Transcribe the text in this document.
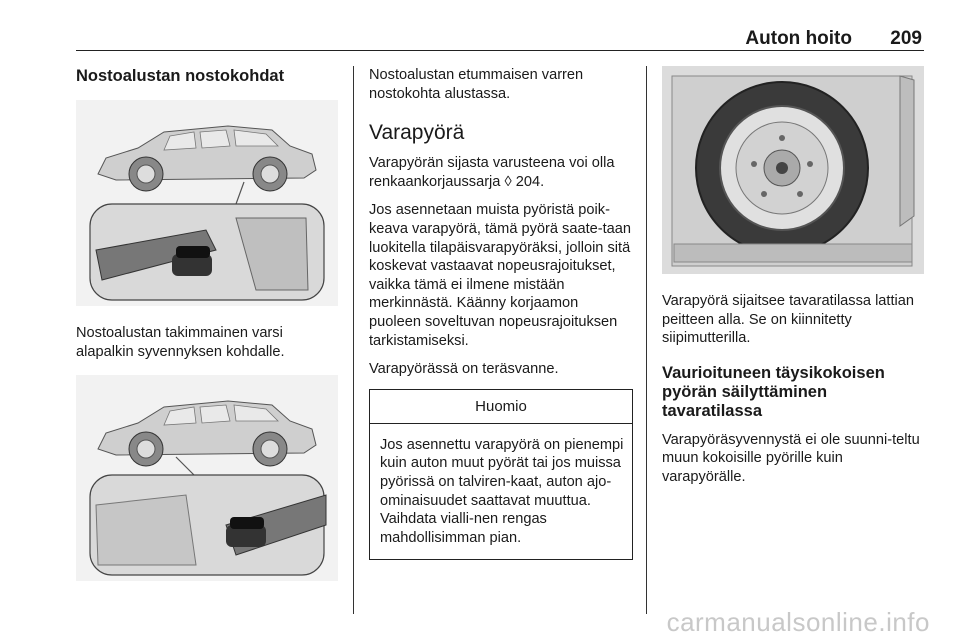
Auton hoito 209
Nostoalustan nostokohdat

Nostoalustan takimmainen varsi alapalkin syvennyksen kohdalle.

Nostoalustan etummaisen varren nostokohta alustassa.

Varapyörä

Varapyörän sijasta varusteena voi olla renkaankorjaussarja ◊ 204.

Jos asennetaan muista pyöristä poik-keava varapyörä, tämä pyörä saate-taan luokitella tilapäisvarapyöräksi, jolloin sitä koskevat vastaavat nopeusrajoitukset, vaikka tämä ei ilmene mistään merkinnästä. Käänny korjaamon puoleen soveltuvan nopeusrajoituksen tarkistamiseksi.

Varapyörässä on teräsvanne.

Huomio

Jos asennettu varapyörä on pienempi kuin auton muut pyörät tai jos muissa pyörissä on talviren-kaat, auton ajo-ominaisuudet saattavat muuttua. Vaihdata vialli-nen rengas mahdollisimman pian.

Varapyörä sijaitsee tavaratilassa lattian peitteen alla. Se on kiinnitetty siipimutterilla.

Vaurioituneen täysikokoisen pyörän säilyttäminen tavaratilassa

Varapyöräsyvennystä ei ole suunni-teltu muun kokoisille pyörille kuin varapyörälle.

carmanualsonline.info
